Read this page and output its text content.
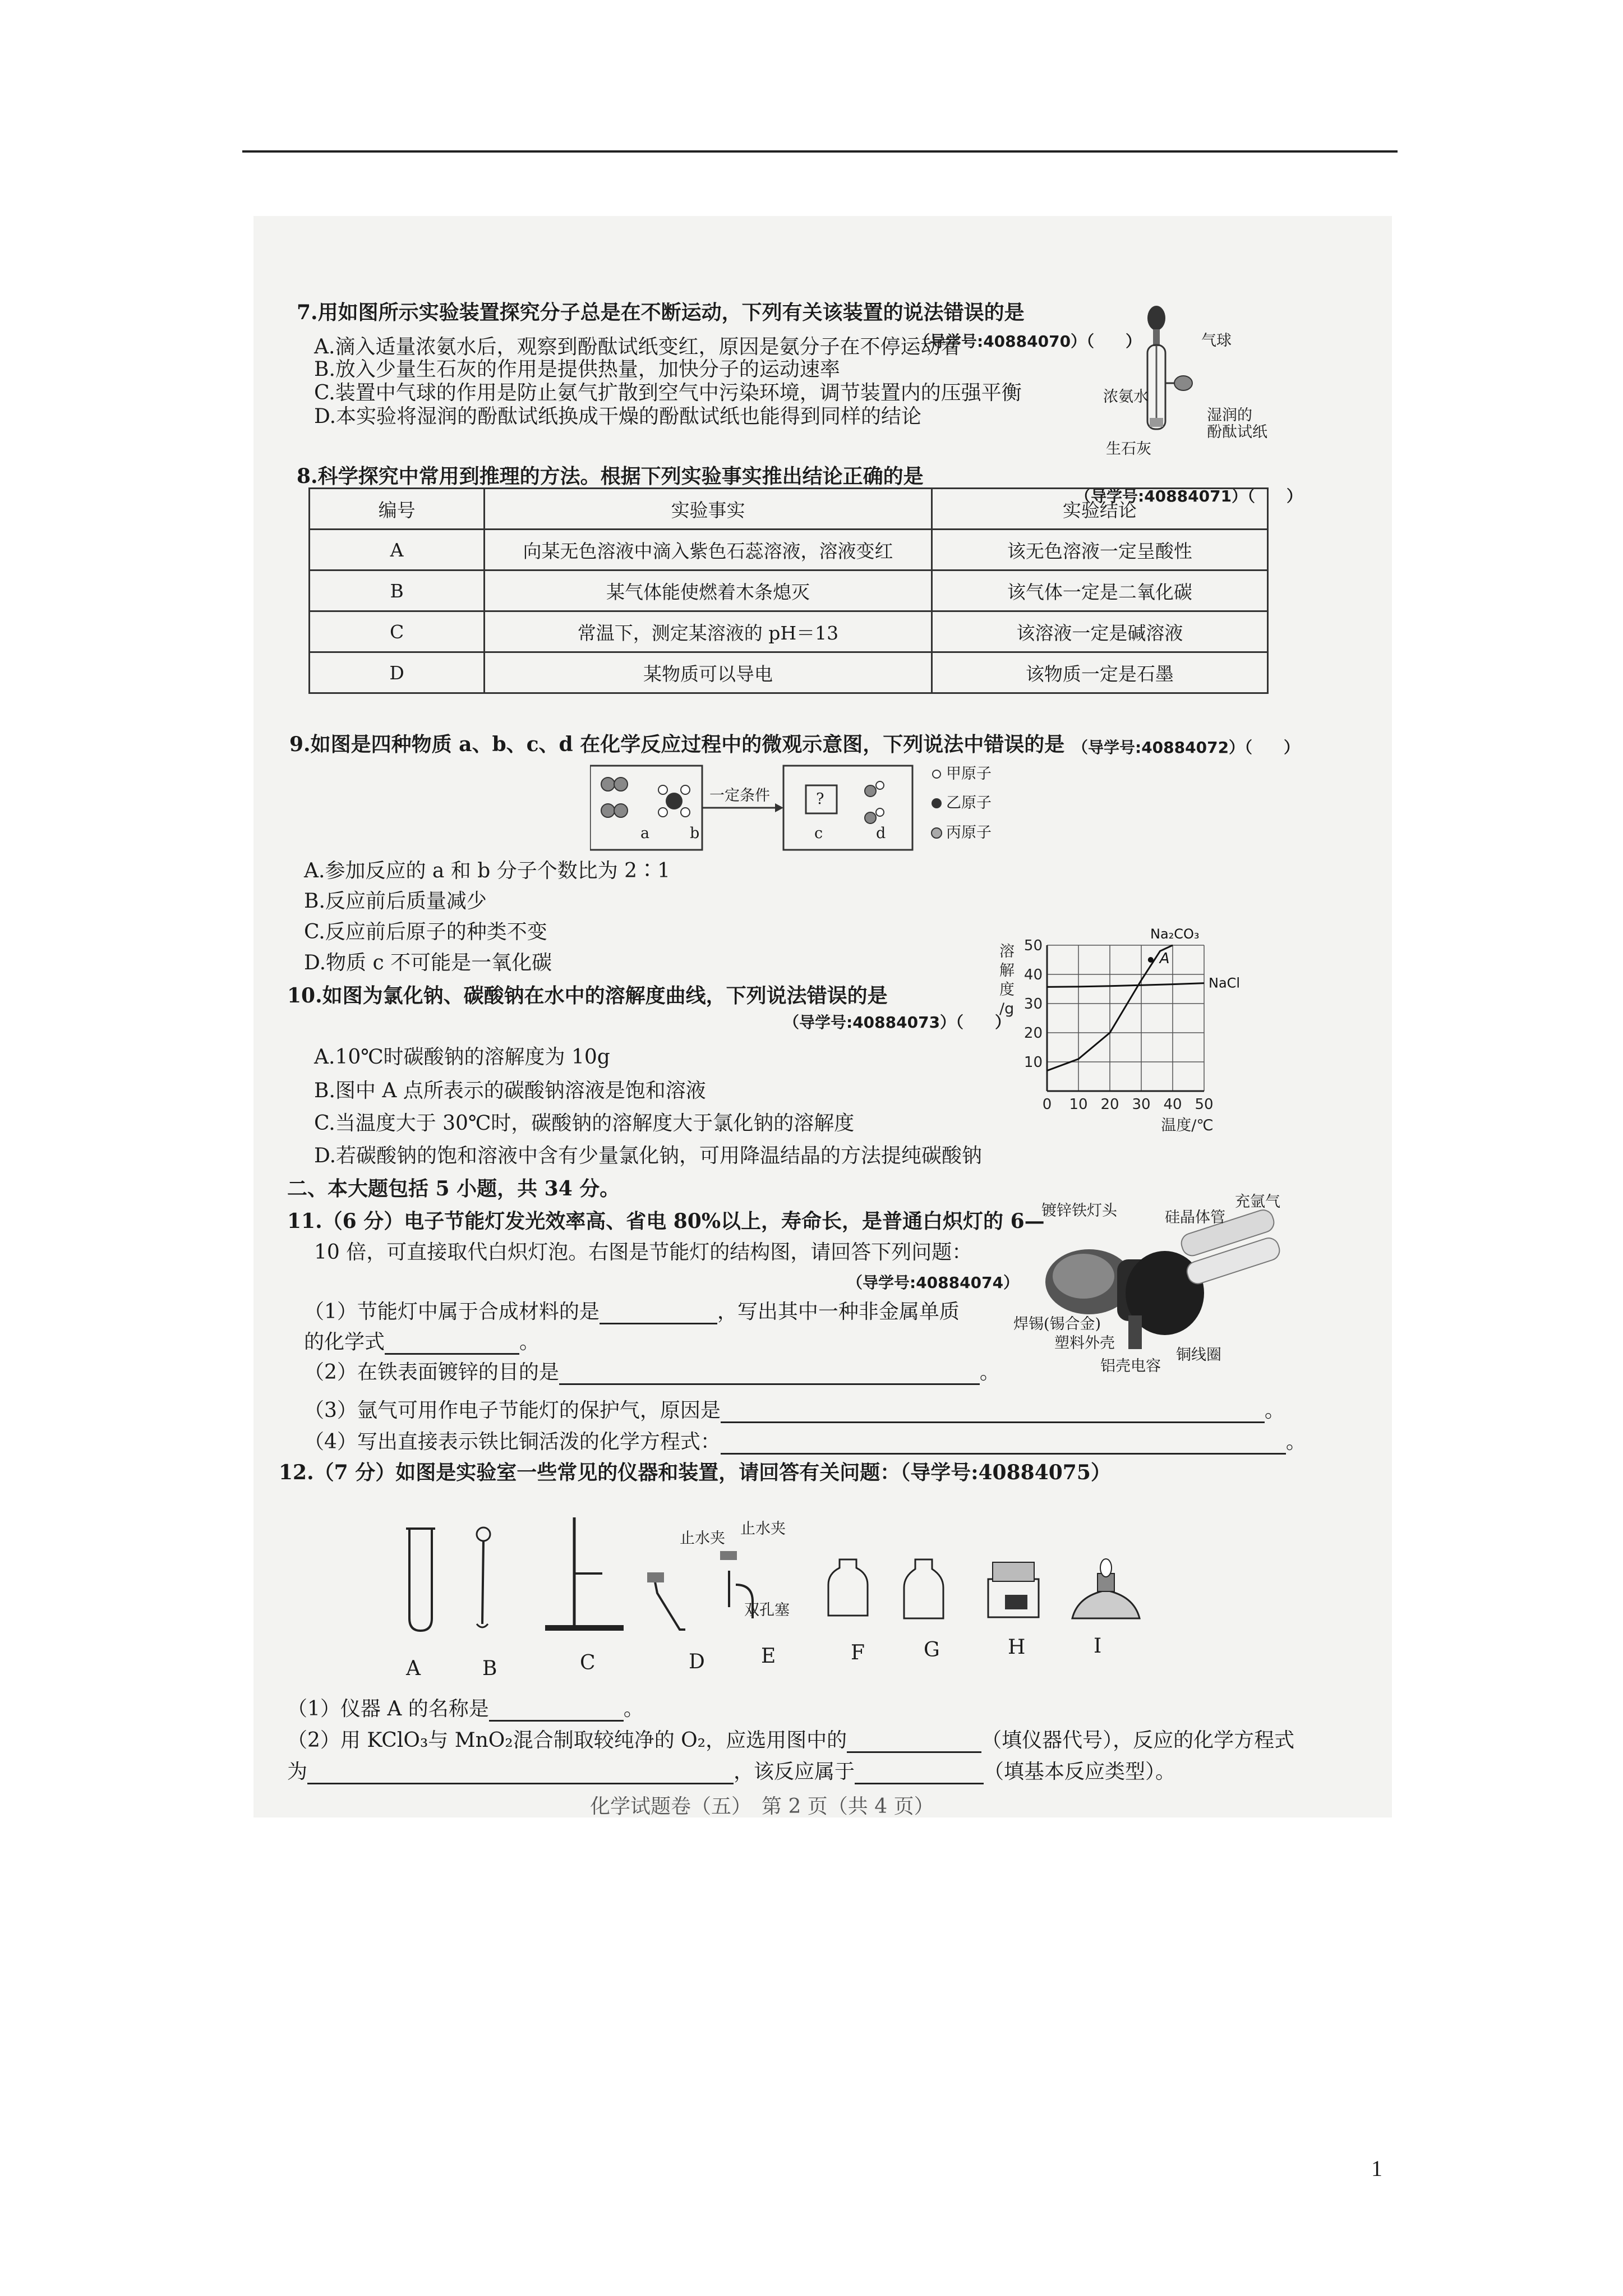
7.用如图所示实验装置探究分子总是在不断运动，下列有关该装置的说法错误的是
（导学号:40884070）（　　）
A.滴入适量浓氨水后，观察到酚酞试纸变红，原因是氨分子在不停运动着
B.放入少量生石灰的作用是提供热量，加快分子的运动速率
C.装置中气球的作用是防止氨气扩散到空气中污染环境，调节装置内的压强平衡
D.本实验将湿润的酚酞试纸换成干燥的酚酞试纸也能得到同样的结论
气球
浓氨水
湿润的
酚酞试纸
生石灰
8.科学探究中常用到推理的方法。根据下列实验事实推出结论正确的是
（导学号:40884071）（　　）
编号	实验事实	实验结论
A	向某无色溶液中滴入紫色石蕊溶液，溶液变红	该无色溶液一定呈酸性
B	某气体能使燃着木条熄灭	该气体一定是二氧化碳
C	常温下，测定某溶液的 pH＝13	该溶液一定是碱溶液
D	某物质可以导电	该物质一定是石墨
9.如图是四种物质 a、b、c、d 在化学反应过程中的微观示意图，下列说法中错误的是 （导学号:40884072）（　　）
a	b
一定条件	?
c	d
甲原子
乙原子
丙原子
A.参加反应的 a 和 b 分子个数比为 2∶1
B.反应前后质量减少
C.反应前后原子的种类不变
D.物质 c 不可能是一氧化碳
10.如图为氯化钠、碳酸钠在水中的溶解度曲线，下列说法错误的是
（导学号:40884073）（　　）
A.10℃时碳酸钠的溶解度为 10g
B.图中 A 点所表示的碳酸钠溶液是饱和溶液
C.当温度大于 30℃时，碳酸钠的溶解度大于氯化钠的溶解度
D.若碳酸钠的饱和溶液中含有少量氯化钠，可用降温结晶的方法提纯碳酸钠
0 10 20 30 40 50
10
20
30
40
50
溶
解
度
/g
温度/℃
Na₂CO₃
NaCl
A
二、本大题包括 5 小题，共 34 分。
11.（6 分）电子节能灯发光效率高、省电 80%以上，寿命长，是普通白炽灯的 6—
10 倍，可直接取代白炽灯泡。右图是节能灯的结构图，请回答下列问题：
（导学号:40884074）
（1）节能灯中属于合成材料的是	，写出其中一种非金属单质
的化学式	。
（2）在铁表面镀锌的目的是	。
（3）氩气可用作电子节能灯的保护气，原因是	。
（4）写出直接表示铁比铜活泼的化学方程式：	。
镀锌铁灯头	硅晶体管
充氩气
焊锡(锡合金)
塑料外壳
铜线圈
铝壳电容
12.（7 分）如图是实验室一些常见的仪器和装置，请回答有关问题：（导学号:40884075）
止水夹
止水夹
双孔塞
A	B	C	D	E	F	G	H	I
（1）仪器 A 的名称是	。
（2）用 KClO₃与 MnO₂混合制取较纯净的 O₂，应选用图中的	（填仪器代号），反应的化学方程式
为	，该反应属于	（填基本反应类型）。
化学试题卷（五）　第 2 页（共 4 页）
1
